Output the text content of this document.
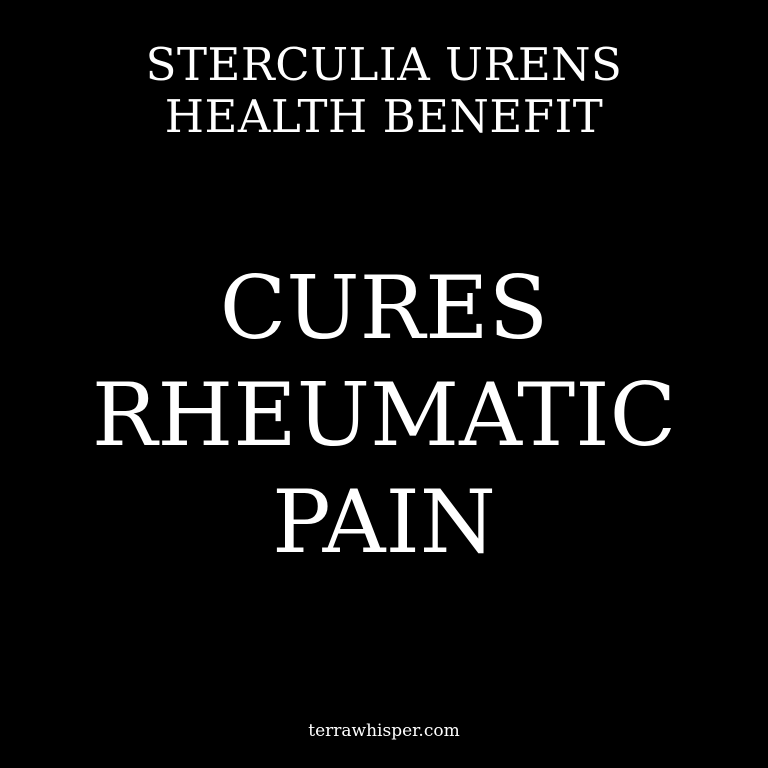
STERCULIA URENS
HEALTH BENEFIT
CURES
RHEUMATIC
PAIN
terrawhisper.com
